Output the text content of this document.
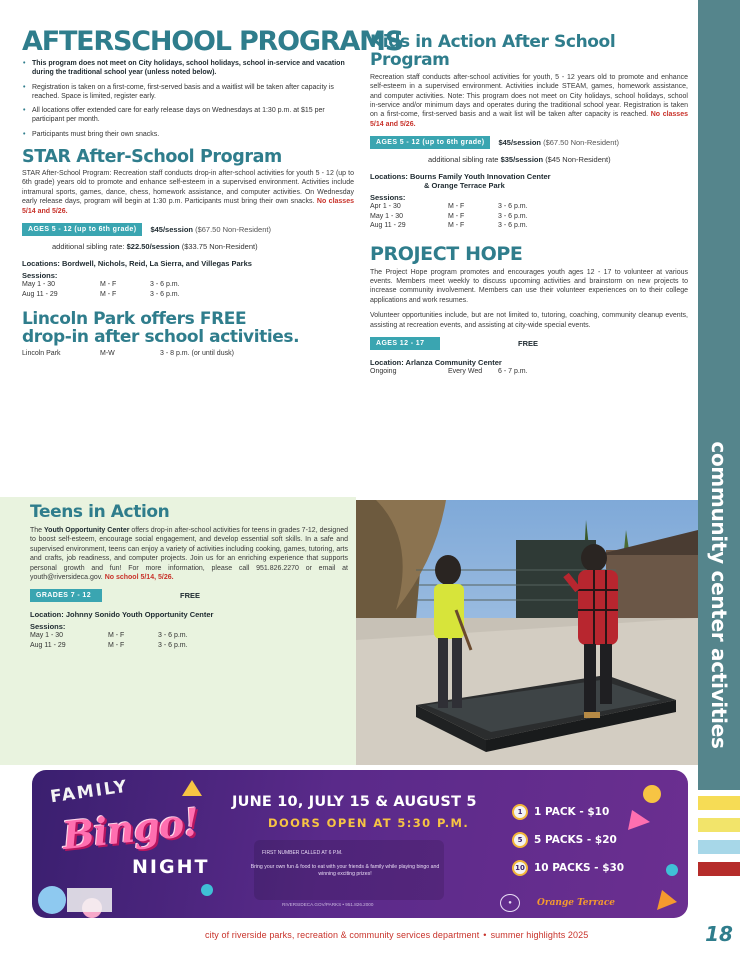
AFTERSCHOOL PROGRAMS
• This program does not meet on City holidays, school holidays, school in-service and vacation during the traditional school year (unless noted below).
• Registration is taken on a first-come, first-served basis and a waitlist will be taken after capacity is reached. Space is limited, register early.
• All locations offer extended care for early release days on Wednesdays at 1:30 p.m. at $15 per participant per month.
• Participants must bring their own snacks.
STAR After-School Program

STAR After-School Program: Recreation staff conducts drop-in after-school activities for youth 5 - 12 (up to 6th grade) years old to promote and enhance self-esteem in a supervised environment. Activities include intramural sports, games, dance, chess, homework assistance, and computer activities. On Wednesday early release days, program will begin at 1:30 p.m. Participants must bring their own snacks. No classes 5/14 and 5/26.

AGES 5 - 12 (up to 6th grade)	$45/session ($67.50 Non-Resident)
additional sibling rate: $22.50/session ($33.75 Non-Resident)
Locations: Bordwell, Nichols, Reid, La Sierra, and Villegas Parks
Sessions:
May 1 - 30	M - F	3 - 6 p.m.
Aug 11 - 29	M - F	3 - 6 p.m.
Lincoln Park offers FREE
drop-in after school activities.
Lincoln Park	M-W	3 - 8 p.m. (or until dusk)
Teens in Action

The Youth Opportunity Center offers drop-in after-school activities for teens in grades 7-12, designed to boost self-esteem, encourage social engagement, and develop essential soft skills. In a safe and supervised environment, teens can enjoy a variety of activities including cooking, games, tutoring, arts and crafts, job readiness, and computer projects. Join us for an enriching experience that supports personal growth and fun! For more information, please call 951.826.2270 or email at youth@riversideca.gov. No school 5/14, 5/26.

GRADES 7 - 12	FREE
Location: Johnny Sonido Youth Opportunity Center
Sessions:
May 1 - 30	M - F	3 - 6 p.m.
Aug 11 - 29	M - F	3 - 6 p.m.
Kids in Action After School Program

Recreation staff conducts after-school activities for youth, 5 - 12 years old to promote and enhance self-esteem in a supervised environment. Activities include STEAM, games, homework assistance, and computer activities. Note: This program does not meet on City holidays, school holidays, school in-service and/or minimum days and operates during the traditional school year. Registration is taken on a first-come, first-served basis and a wait list will be taken after capacity is reached. No classes 5/14 and 5/26.

AGES 5 - 12 (up to 6th grade)	$45/session ($67.50 Non-Resident)
additional sibling rate $35/session ($45 Non-Resident)
Locations: Bourns Family Youth Innovation Center
& Orange Terrace Park
Sessions:
Apr 1 - 30	M - F	3 - 6 p.m.
May 1 - 30	M - F	3 - 6 p.m.
Aug 11 - 29	M - F	3 - 6 p.m.
PROJECT HOPE

The Project Hope program promotes and encourages youth ages 12 - 17 to volunteer at various events. Members meet weekly to discuss upcoming activities and brainstorm on new projects to increase community involvement. Members can use their volunteer experiences on to their college applications and work resumes.

Volunteer opportunities include, but are not limited to, tutoring, coaching, community cleanup events, assisting at recreation events, and assisting at city-wide special events.

AGES 12 - 17	FREE
Location: Arlanza Community Center
Ongoing	Every Wed	6 - 7 p.m.
community center activities
18
FAMILY
Bingo!
NIGHT
JUNE 10, JULY 15 & AUGUST 5
DOORS OPEN AT 5:30 P.M.
FIRST NUMBER CALLED AT 6 P.M.
Bring your own fun & food to eat with your friends & family while playing bingo and winning exciting prizes!
RIVERSIDECA.GOV/PARKS • 951.826.2000
1	1 PACK - $10
5	5 PACKS - $20
10 10 PACKS - $30
●	Orange Terrace
city of riverside parks, recreation & community services department • summer highlights 2025
